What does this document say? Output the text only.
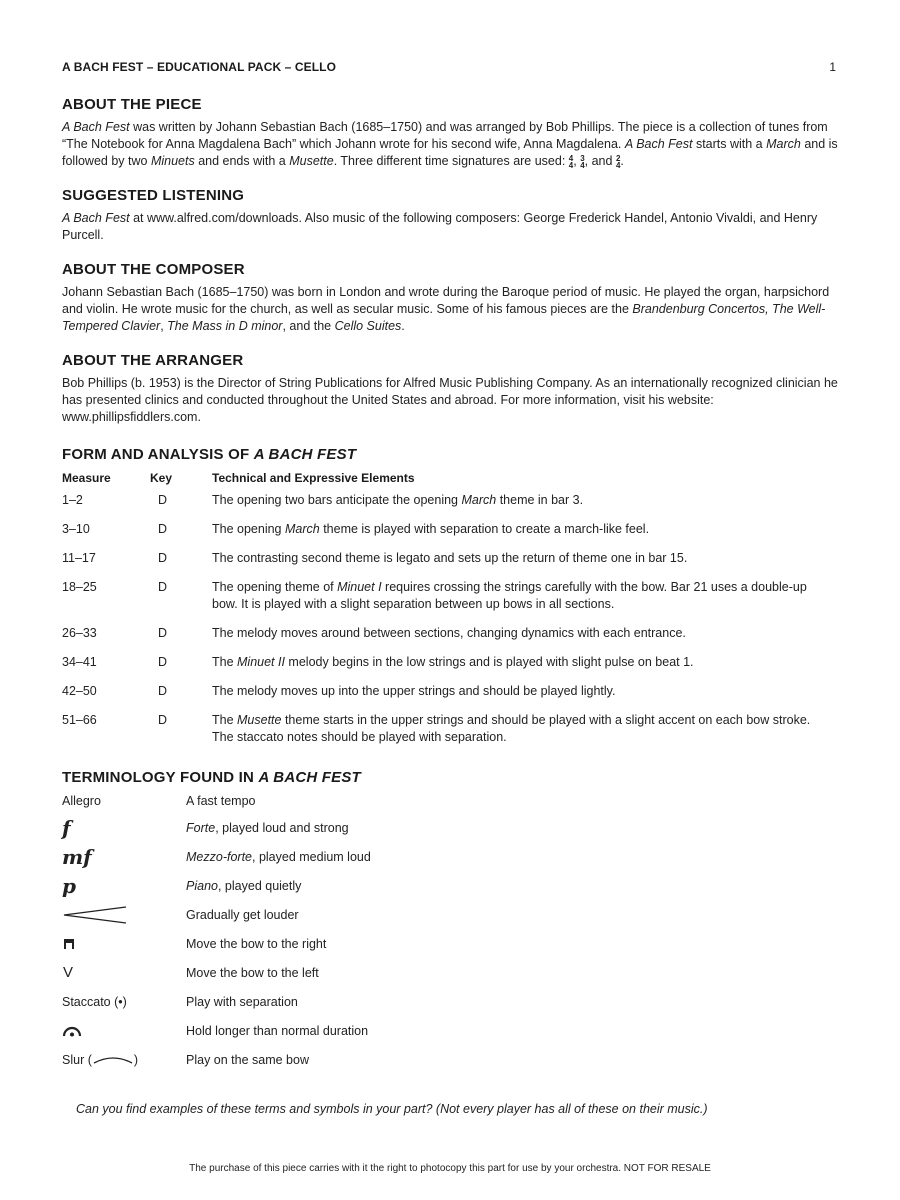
A BACH FEST – EDUCATIONAL PACK – CELLO	1
ABOUT THE PIECE

A Bach Fest was written by Johann Sebastian Bach (1685–1750) and was arranged by Bob Phillips. The piece is a collection of tunes from “The Notebook for Anna Magdalena Bach” which Johann wrote for his second wife, Anna Magdalena. A Bach Fest starts with a March and is followed by two Minuets and ends with a Musette. Three different time signatures are used: 4
4 , 3
4 , and 2
4 .

SUGGESTED LISTENING

A Bach Fest at www.alfred.com/downloads. Also music of the following composers: George Frederick Handel, Antonio Vivaldi, and Henry Purcell.

ABOUT THE COMPOSER

Johann Sebastian Bach (1685–1750) was born in London and wrote during the Baroque period of music. He played the organ, harpsichord and violin. He wrote music for the church, as well as secular music. Some of his famous pieces are the Brandenburg Concertos, The Well-Tempered Clavier, The Mass in D minor, and the Cello Suites.

ABOUT THE ARRANGER

Bob Phillips (b. 1953) is the Director of String Publications for Alfred Music Publishing Company. As an internationally recognized clinician he has presented clinics and conducted throughout the United States and abroad. For more information, visit his website: www.phillipsfiddlers.com.

FORM AND ANALYSIS OF A BACH FEST
Measure	Key	Technical and Expressive Elements
1–2	D	The opening two bars anticipate the opening March theme in bar 3.
3–10	D	The opening March theme is played with separation to create a march-like feel.
11–17	D	The contrasting second theme is legato and sets up the return of theme one in bar 15.
18–25	D	The opening theme of Minuet I requires crossing the strings carefully with the bow. Bar 21 uses a double-up bow. It is played with a slight separation between up bows in all sections.
26–33	D	The melody moves around between sections, changing dynamics with each entrance.
34–41	D	The Minuet II melody begins in the low strings and is played with slight pulse on beat 1.
42–50	D	The melody moves up into the upper strings and should be played lightly.
51–66	D	The Musette theme starts in the upper strings and should be played with a slight accent on each bow stroke. The staccato notes should be played with separation.
TERMINOLOGY FOUND IN A BACH FEST
Allegro	A fast tempo
f	Forte, played loud and strong
mf	Mezzo-forte, played medium loud
p	Piano, played quietly
Gradually get louder
Move the bow to the right
V	Move the bow to the left
Staccato (•)	Play with separation
Hold longer than normal duration
Slur (	)	Play on the same bow
Can you find examples of these terms and symbols in your part? (Not every player has all of these on their music.)
The purchase of this piece carries with it the right to photocopy this part for use by your orchestra. NOT FOR RESALE
